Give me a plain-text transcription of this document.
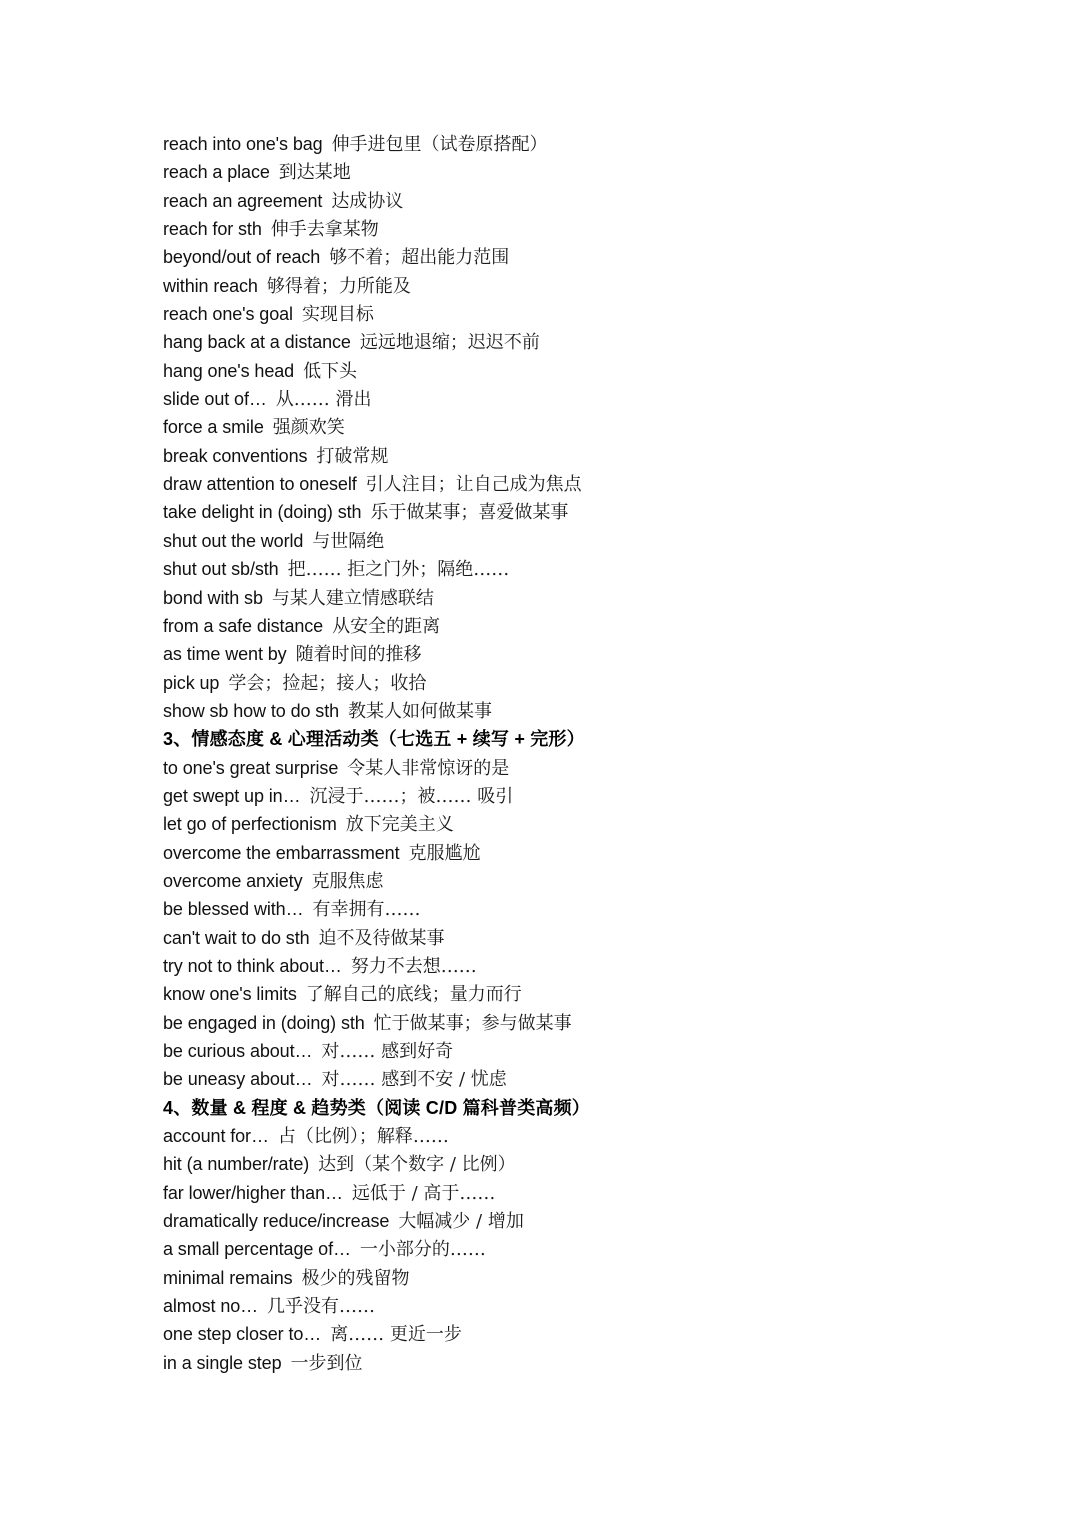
reach into one's bag 伸手进包里（试卷原搭配）
reach a place 到达某地
reach an agreement 达成协议
reach for sth 伸手去拿某物
beyond/out of reach 够不着；超出能力范围
within reach 够得着；力所能及
reach one's goal 实现目标
hang back at a distance 远远地退缩；迟迟不前
hang one's head 低下头
slide out of… 从…… 滑出
force a smile 强颜欢笑
break conventions 打破常规
draw attention to oneself 引人注目；让自己成为焦点
take delight in (doing) sth 乐于做某事；喜爱做某事
shut out the world 与世隔绝
shut out sb/sth 把…… 拒之门外；隔绝……
bond with sb 与某人建立情感联结
from a safe distance 从安全的距离
as time went by 随着时间的推移
pick up 学会；捡起；接人；收拾
show sb how to do sth 教某人如何做某事
3、情感态度 & 心理活动类（七选五 + 续写 + 完形）
to one's great surprise 令某人非常惊讶的是
get swept up in… 沉浸于……；被…… 吸引
let go of perfectionism 放下完美主义
overcome the embarrassment 克服尴尬
overcome anxiety 克服焦虑
be blessed with… 有幸拥有……
can't wait to do sth 迫不及待做某事
try not to think about… 努力不去想……
know one's limits 了解自己的底线；量力而行
be engaged in (doing) sth 忙于做某事；参与做某事
be curious about… 对…… 感到好奇
be uneasy about… 对…… 感到不安 / 忧虑
4、数量 & 程度 & 趋势类（阅读 C/D 篇科普类高频）
account for… 占（比例）；解释……
hit (a number/rate) 达到（某个数字 / 比例）
far lower/higher than… 远低于 / 高于……
dramatically reduce/increase 大幅减少 / 增加
a small percentage of… 一小部分的……
minimal remains 极少的残留物
almost no… 几乎没有……
one step closer to… 离…… 更近一步
in a single step 一步到位
